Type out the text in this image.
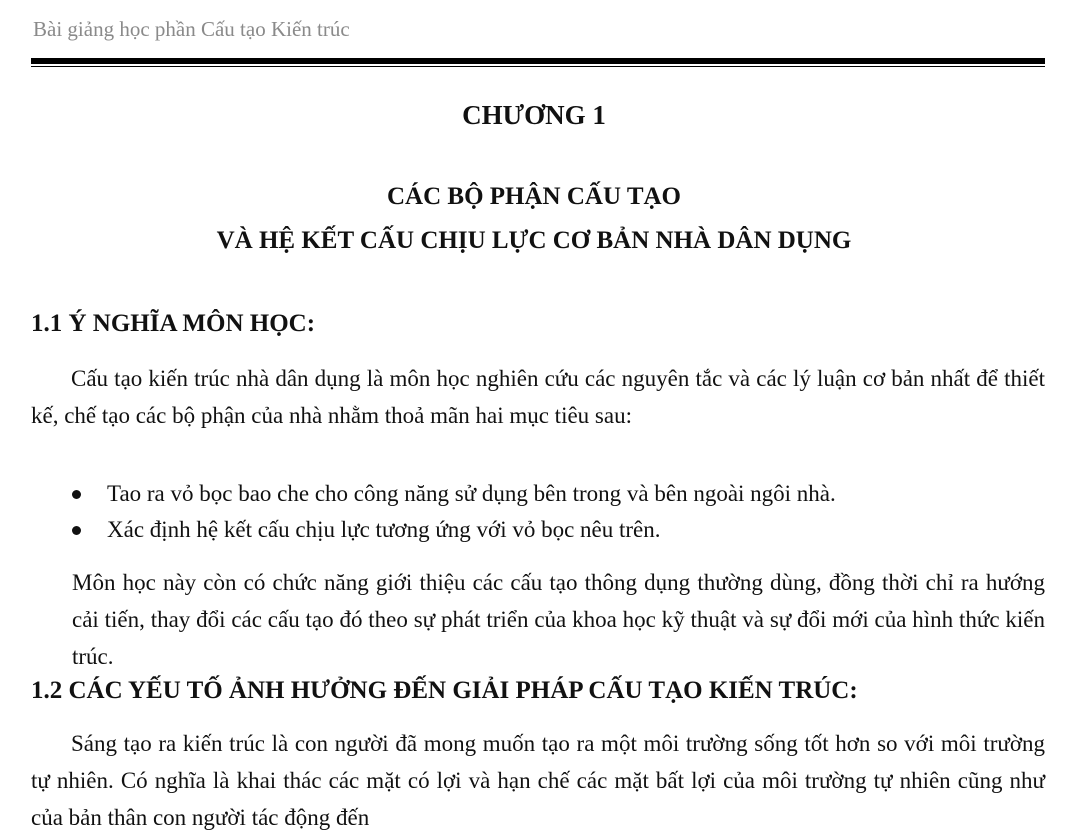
Bài giảng học phần Cấu tạo Kiến trúc
CHƯƠNG 1
CÁC BỘ PHẬN CẤU TẠO
VÀ HỆ KẾT CẤU CHỊU LỰC CƠ BẢN NHÀ DÂN DỤNG
1.1 Ý NGHĨA MÔN HỌC:
Cấu tạo kiến trúc nhà dân dụng là môn học nghiên cứu các nguyên tắc và các lý luận cơ bản nhất để thiết kế, chế tạo các bộ phận của nhà nhằm thoả mãn hai mục tiêu sau:
Tao ra vỏ bọc bao che cho công năng sử dụng bên trong và bên ngoài ngôi nhà.
Xác định hệ kết cấu chịu lực tương ứng với vỏ bọc nêu trên.
Môn học này còn có chức năng giới thiệu các cấu tạo thông dụng thường dùng, đồng thời chỉ ra hướng cải tiến, thay đổi các cấu tạo đó theo sự phát triển của khoa học kỹ thuật và sự đổi mới của hình thức kiến trúc.
1.2 CÁC YẾU TỐ ẢNH HƯỞNG ĐẾN GIẢI PHÁP CẤU TẠO KIẾN TRÚC:
Sáng tạo ra kiến trúc là con người đã mong muốn tạo ra một môi trường sống tốt hơn so với môi trường tự nhiên. Có nghĩa là khai thác các mặt có lợi và hạn chế các mặt bất lợi của môi trường tự nhiên cũng như của bản thân con người tác động đến
